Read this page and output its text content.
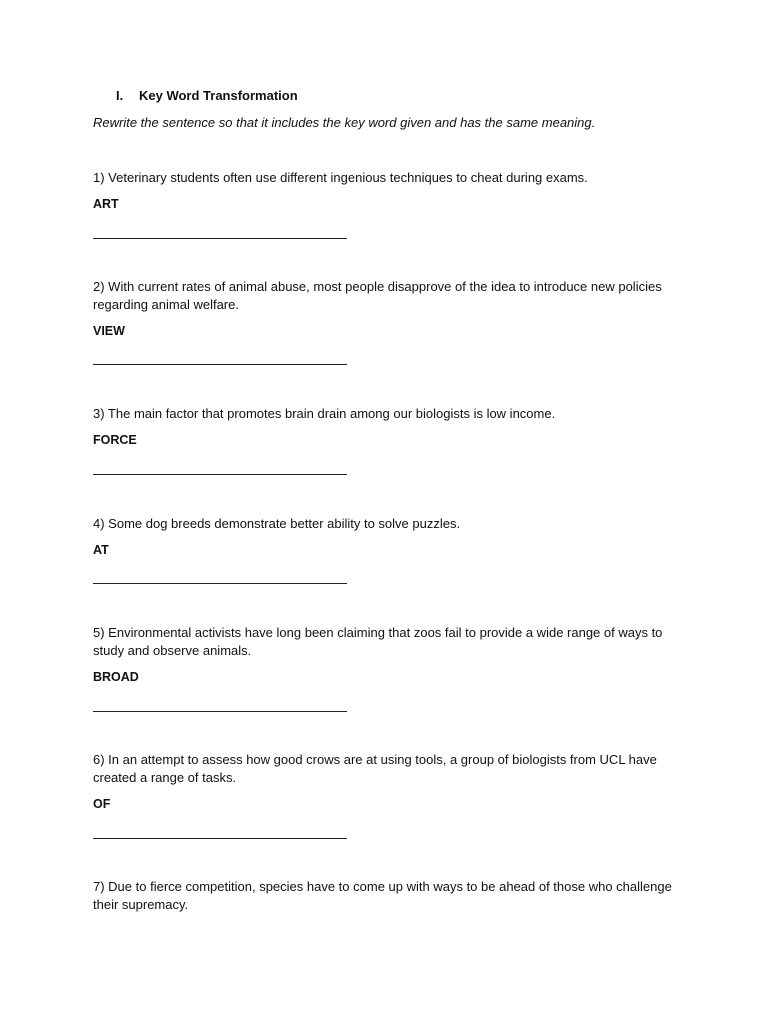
I. Key Word Transformation
Rewrite the sentence so that it includes the key word given and has the same meaning.

1) Veterinary students often use different ingenious techniques to cheat during exams.

ART

2) With current rates of animal abuse, most people disapprove of the idea to introduce new policies regarding animal welfare.

VIEW

3) The main factor that promotes brain drain among our biologists is low income.

FORCE

4) Some dog breeds demonstrate better ability to solve puzzles.

AT

5) Environmental activists have long been claiming that zoos fail to provide a wide range of ways to study and observe animals.

BROAD

6) In an attempt to assess how good crows are at using tools, a group of biologists from UCL have created a range of tasks.

OF

7) Due to fierce competition, species have to come up with ways to be ahead of those who challenge their supremacy.
